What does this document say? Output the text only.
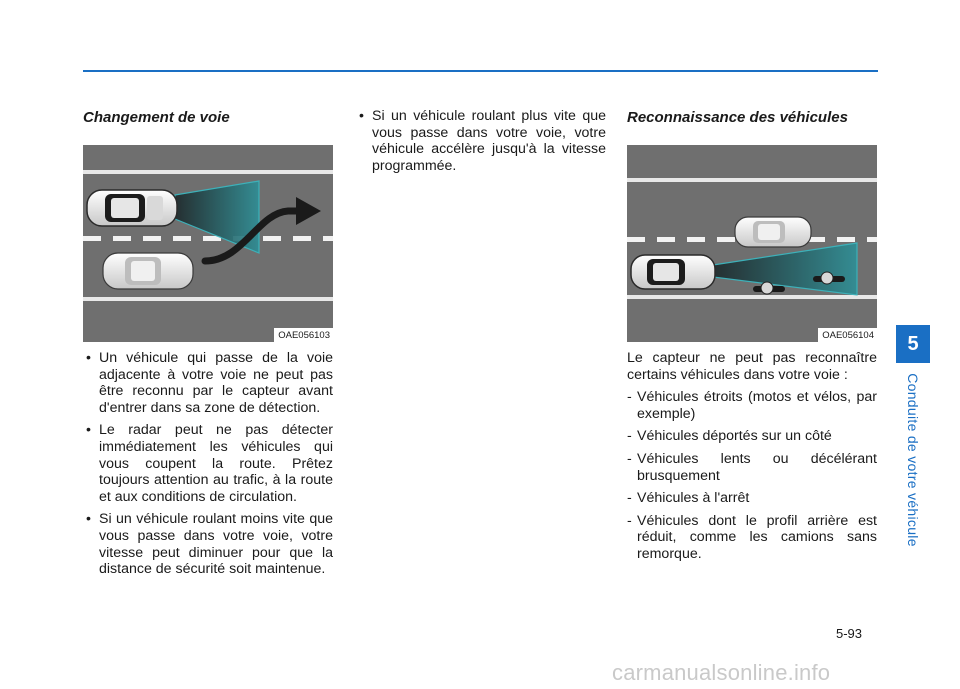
Changement de voie
OAE056103
• Un véhicule qui passe de la voie adjacente à votre voie ne peut pas être reconnu par le capteur avant d'entrer dans sa zone de détection.
• Le radar peut ne pas détecter immédiatement les véhicules qui vous coupent la route. Prêtez toujours attention au trafic, à la route et aux conditions de circulation.
• Si un véhicule roulant moins vite que vous passe dans votre voie, votre vitesse peut diminuer pour que la distance de sécurité soit maintenue.
• Si un véhicule roulant plus vite que vous passe dans votre voie, votre véhicule accélère jusqu'à la vitesse programmée.
Reconnaissance des véhicules
OAE056104

Le capteur ne peut pas reconnaître certains véhicules dans votre voie :

- Véhicules étroits (motos et vélos, par exemple)
- Véhicules déportés sur un côté
- Véhicules lents ou décélérant brusquement
- Véhicules à l'arrêt
- Véhicules dont le profil arrière est réduit, comme les camions sans remorque.
5
Conduite de votre véhicule
5-93
carmanualsonline.info
